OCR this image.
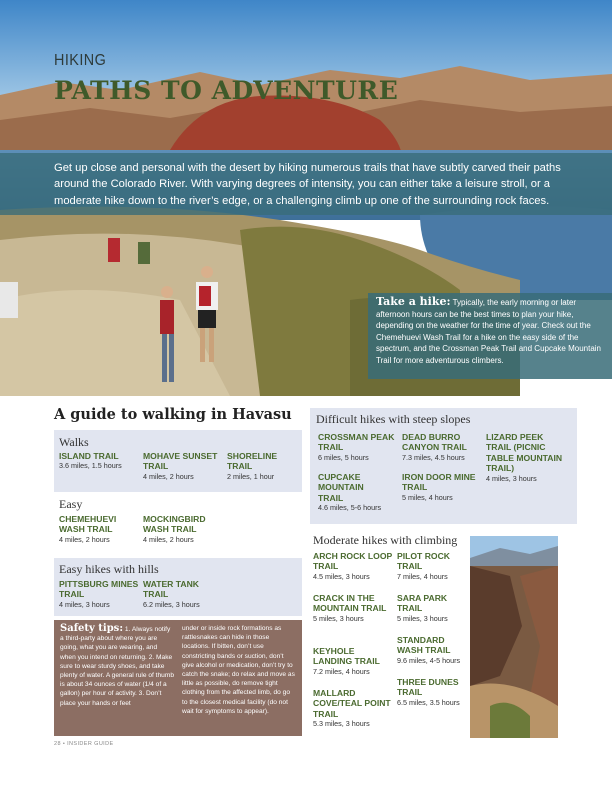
HIKING
PATHS TO ADVENTURE
Get up close and personal with the desert by hiking numerous trails that have subtly carved their paths around the Colorado River. With varying degrees of intensity, you can either take a leisure stroll, or a moderate hike down to the river’s edge, or a challenging climb up one of the surrounding rock faces.
Take a hike: Typically, the early morning or later afternoon hours can be the best times to plan your hike, depending on the weather for the time of year. Check out the Chemehuevi Wash Trail for a hike on the easy side of the spectrum, and the Crossman Peak Trail and Cupcake Mountain Trail for more adventurous climbers.
A guide to walking in Havasu
Walks
ISLAND TRAIL
3.6 miles, 1.5 hours
MOHAVE SUNSET TRAIL
4 miles, 2 hours
SHORELINE TRAIL
2 miles, 1 hour
Easy
CHEMEHUEVI WASH TRAIL
4 miles, 2 hours
MOCKINGBIRD WASH TRAIL
4 miles, 2 hours
Easy hikes with hills
PITTSBURG MINES TRAIL
4 miles, 3 hours
WATER TANK TRAIL
6.2 miles, 3 hours
Safety tips: 1. Always notify a third-party about where you are going, what you are wearing, and when you intend on returning. 2. Make sure to wear sturdy shoes, and take plenty of water. A general rule of thumb is about 34 ounces of water (1/4 of a gallon) per hour of activity. 3. Don’t place your hands or feet
under or inside rock formations as rattlesnakes can hide in those locations. If bitten, don’t use constricting bands or suction, don’t give alcohol or medication, don’t try to catch the snake; do relax and move as little as possible, do remove tight clothing from the affected limb, do go to the closest medical facility (do not wait for symptoms to appear).
Difficult hikes with steep slopes
CROSSMAN PEAK TRAIL
6 miles, 5 hours
DEAD BURRO CANYON TRAIL
7.3 miles, 4.5 hours
LIZARD PEEK TRAIL (PICNIC TABLE MOUNTAIN TRAIL)
4 miles, 3 hours
CUPCAKE MOUNTAIN TRAIL
4.6 miles, 5-6 hours
IRON DOOR MINE TRAIL
5 miles, 4 hours
Moderate hikes with climbing
ARCH ROCK LOOP TRAIL
4.5 miles, 3 hours
PILOT ROCK TRAIL
7 miles, 4 hours
CRACK IN THE MOUNTAIN TRAIL
5 miles, 3 hours
SARA PARK TRAIL
5 miles, 3 hours
KEYHOLE LANDING TRAIL
7.2 miles, 4 hours
STANDARD WASH TRAIL
9.6 miles, 4-5 hours
MALLARD COVE/TEAL POINT TRAIL
5.3 miles, 3 hours
THREE DUNES TRAIL
6.5 miles, 3.5 hours
28 • INSIDER GUIDE
